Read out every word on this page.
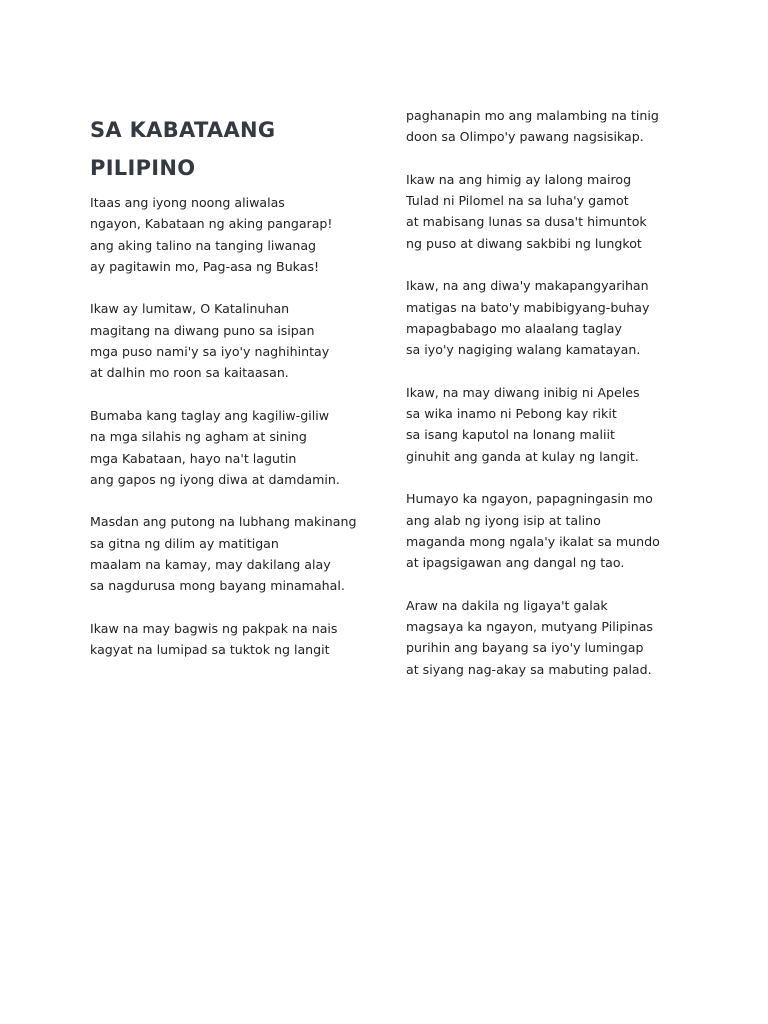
SA KABATAANG PILIPINO
Itaas ang iyong noong aliwalas
ngayon, Kabataan ng aking pangarap!
ang aking talino na tanging liwanag
ay pagitawin mo, Pag-asa ng Bukas!
Ikaw ay lumitaw, O Katalinuhan
magitang na diwang puno sa isipan
mga puso nami'y sa iyo'y naghihintay
at dalhin mo roon sa kaitaasan.
Bumaba kang taglay ang kagiliw-giliw
na mga silahis ng agham at sining
mga Kabataan, hayo na't lagutin
ang gapos ng iyong diwa at damdamin.
Masdan ang putong na lubhang makinang
sa gitna ng dilim ay matitigan
maalam na kamay, may dakilang alay
sa nagdurusa mong bayang minamahal.
Ikaw na may bagwis ng pakpak na nais
kagyat na lumipad sa tuktok ng langit
paghanapin mo ang malambing na tinig
doon sa Olimpo'y pawang nagsisikap.
Ikaw na ang himig ay lalong mairog
Tulad ni Pilomel na sa luha'y gamot
at mabisang lunas sa dusa't himuntok
ng puso at diwang sakbibi ng lungkot
Ikaw, na ang diwa'y makapangyarihan
matigas na bato'y mabibigyang-buhay
mapagbabago mo alaalang taglay
sa iyo'y nagiging walang kamatayan.
Ikaw, na may diwang inibig ni Apeles
sa wika inamo ni Pebong kay rikit
sa isang kaputol na lonang maliit
ginuhit ang ganda at kulay ng langit.
Humayo ka ngayon, papagningasin mo
ang alab ng iyong isip at talino
maganda mong ngala'y ikalat sa mundo
at ipagsigawan ang dangal ng tao.
Araw na dakila ng ligaya't galak
magsaya ka ngayon, mutyang Pilipinas
purihin ang bayang sa iyo'y lumingap
at siyang nag-akay sa mabuting palad.
